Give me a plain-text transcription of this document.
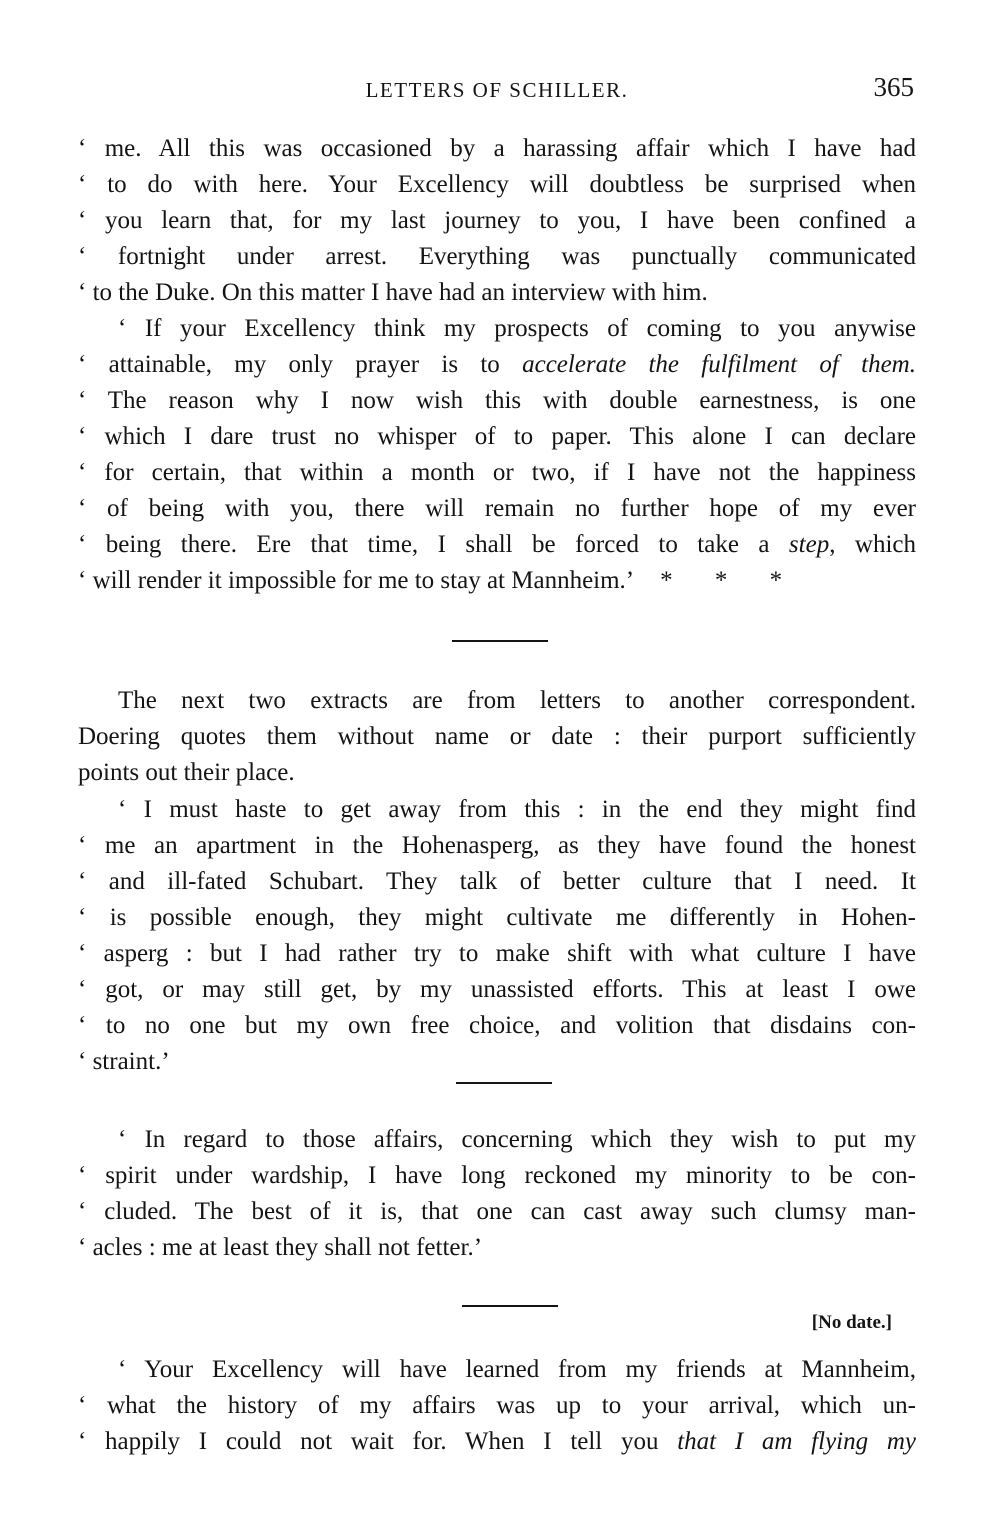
LETTERS OF SCHILLER.	365
‘ me. All this was occasioned by a harassing affair which I have had
‘ to do with here. Your Excellency will doubtless be surprised when
‘ you learn that, for my last journey to you, I have been confined a
‘ fortnight under arrest. Everything was punctually communicated
‘ to the Duke. On this matter I have had an interview with him.
‘ If your Excellency think my prospects of coming to you anywise
‘ attainable, my only prayer is to accelerate the fulfilment of them.
‘ The reason why I now wish this with double earnestness, is one
‘ which I dare trust no whisper of to paper. This alone I can declare
‘ for certain, that within a month or two, if I have not the happiness
‘ of being with you, there will remain no further hope of my ever
‘ being there. Ere that time, I shall be forced to take a step, which
‘ will render it impossible for me to stay at Mannheim.’ * * *
The next two extracts are from letters to another correspondent.
Doering quotes them without name or date : their purport sufficiently
points out their place.
‘ I must haste to get away from this : in the end they might find
‘ me an apartment in the Hohenasperg, as they have found the honest
‘ and ill-fated Schubart. They talk of better culture that I need. It
‘ is possible enough, they might cultivate me differently in Hohen-
‘ asperg : but I had rather try to make shift with what culture I have
‘ got, or may still get, by my unassisted efforts. This at least I owe
‘ to no one but my own free choice, and volition that disdains con-
‘ straint.’
‘ In regard to those affairs, concerning which they wish to put my
‘ spirit under wardship, I have long reckoned my minority to be con-
‘ cluded. The best of it is, that one can cast away such clumsy man-
‘ acles : me at least they shall not fetter.’
[No date.]
‘ Your Excellency will have learned from my friends at Mannheim,
‘ what the history of my affairs was up to your arrival, which un-
‘ happily I could not wait for. When I tell you that I am flying my
